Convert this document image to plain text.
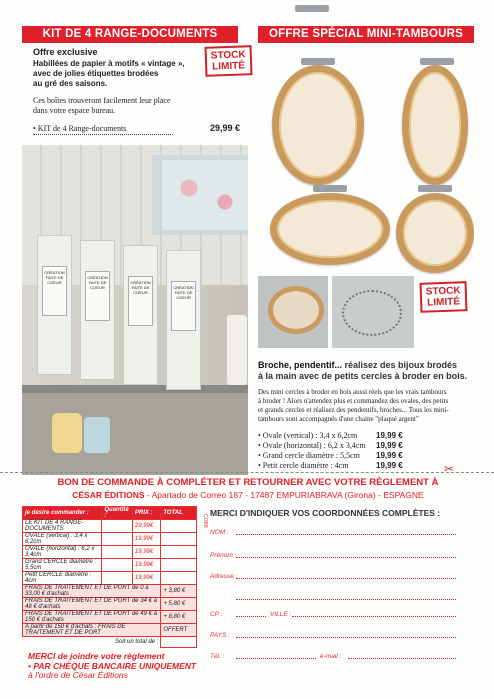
KIT DE 4 RANGE-DOCUMENTS
Offre exclusive
Habillées de papier à motifs « vintage »,
avec de jolies étiquettes brodées
au gré des saisons.
STOCK
LIMITÉ
Ces boîtes trouveront facilement leur place
dans votre espace bureau.
• KIT de 4 Range-documents	29,99 €
CRÉATION FAITE DE COEUR
CRÉATION FAITE DE COEUR
CRÉATION FAITE DE COEUR
CRÉATION FAITE DE COEUR
OFFRE SPÉCIAL MINI-TAMBOURS
STOCK
LIMITÉ
Broche, pendentif... réalisez des bijoux brodés
à la main avec de petits cercles à broder en bois.
Des mini cercles à broder en bois aussi réels que les vrais tambours
à broder ! Alors n'attendez plus et commandez des ovales, des petits
et grands cercles et réalisez des pendentifs, broches... Tous les mini-
tambours sont accompagnés d'une chaine "plaqué argent"
• Ovale (vertical) : 3,4 x 6,2cm 19,99 €
• Ovale (horizontal) : 6,2 x 3,4cm 19,99 €
• Grand cercle diamètre : 5,5cm 19,99 €
• Petit cercle diamètre : 4cm	19,99 €	✂
BON DE COMMANDE À COMPLÉTER ET RETOURNER AVEC VOTRE RÈGLEMENT À
CÉSAR ÉDITIONS - Apartado de Correo 187 - 17487 EMPURIABRAVA (Girona) - ESPAGNE
je désire commander :	Quantité :	PRIX :	TOTAL
LE KIT DE 4 RANGE-DOCUMENTS		29,99€	
OVALE (vertical) : 3,4 x 6,2cm		19,99€	
OVALE (horizontal) : 6,2 x 3,4cm		19,99€	
Grand CERCLE diamètre : 5,5cm		19,99€	
Petit CERCLE diamètre : 4cm		19,99€	
FRAIS DE TRAITEMENT ET DE PORT de 0 à 33,00 € d'achats			+ 3,80 €
FRAIS DE TRAITEMENT ET DE PORT de 34 € à 48 € d'achats			+ 5,80 €
FRAIS DE TRAITEMENT ET DE PORT de 49 € à 150 € d'achats			+ 8,80 €
A partir de 150 € d'achats : FRAIS DE TRAITEMENT ET DE PORT			OFFERT
Soit un total de :			
MERCI de joindre votre règlement
• PAR CHÈQUE BANCAIRE UNIQUEMENT
à l'ordre de César Éditions
COB8
MERCI D'INDIQUER VOS COORDONNÉES COMPLÈTES :
NOM :
Prénom :
Adresse :
CP :	VILLE :
PAYS :
Tél. :	e-mail :
